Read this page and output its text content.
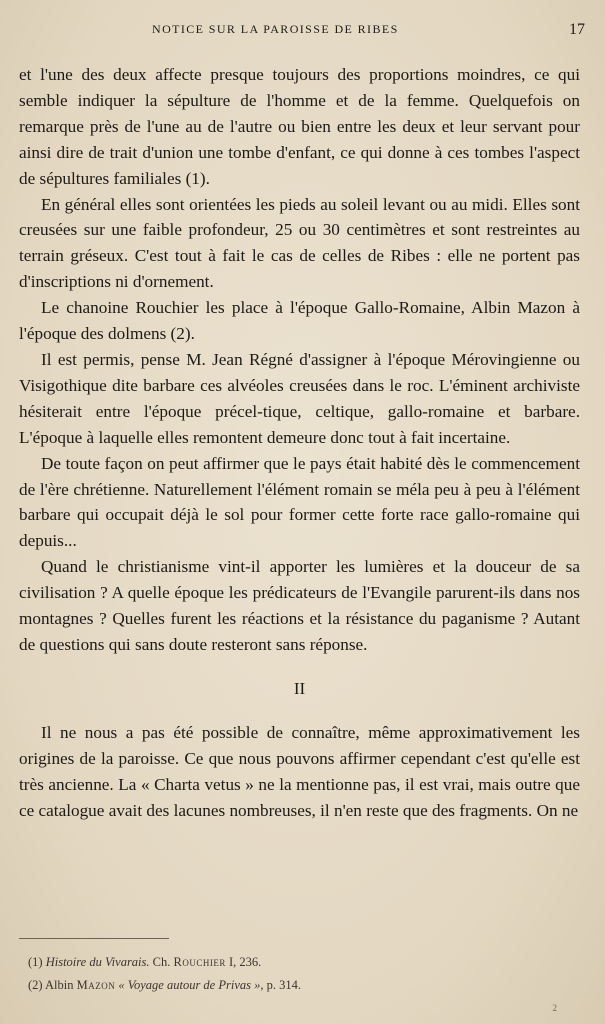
NOTICE SUR LA PAROISSE DE RIBES	17

et l'une des deux affecte presque toujours des proportions moindres, ce qui semble indiquer la sépulture de l'homme et de la femme. Quelquefois on remarque près de l'une au de l'autre ou bien entre les deux et leur servant pour ainsi dire de trait d'union une tombe d'enfant, ce qui donne à ces tombes l'aspect de sépultures familiales (1).

En général elles sont orientées les pieds au soleil levant ou au midi. Elles sont creusées sur une faible profondeur, 25 ou 30 centimètres et sont restreintes au terrain gréseux. C'est tout à fait le cas de celles de Ribes : elle ne portent pas d'inscriptions ni d'ornement.

Le chanoine Rouchier les place à l'époque Gallo-Romaine, Albin Mazon à l'époque des dolmens (2).

Il est permis, pense M. Jean Régné d'assigner à l'époque Mérovingienne ou Visigothique dite barbare ces alvéoles creusées dans le roc. L'éminent archiviste hésiterait entre l'époque précel-tique, celtique, gallo-romaine et barbare. L'époque à laquelle elles remontent demeure donc tout à fait incertaine.

De toute façon on peut affirmer que le pays était habité dès le commencement de l'ère chrétienne. Naturellement l'élément romain se méla peu à peu à l'élément barbare qui occupait déjà le sol pour former cette forte race gallo-romaine qui depuis...

Quand le christianisme vint-il apporter les lumières et la douceur de sa civilisation ? A quelle époque les prédicateurs de l'Evangile parurent-ils dans nos montagnes ? Quelles furent les réactions et la résistance du paganisme ? Autant de questions qui sans doute resteront sans réponse.

II

Il ne nous a pas été possible de connaître, même approximativement les origines de la paroisse. Ce que nous pouvons affirmer cependant c'est qu'elle est très ancienne. La « Charta vetus » ne la mentionne pas, il est vrai, mais outre que ce catalogue avait des lacunes nombreuses, il n'en reste que des fragments. On ne

(1) Histoire du Vivarais. Ch. Rouchier I, 236.
(2) Albin Mazon « Voyage autour de Privas », p. 314.
2
